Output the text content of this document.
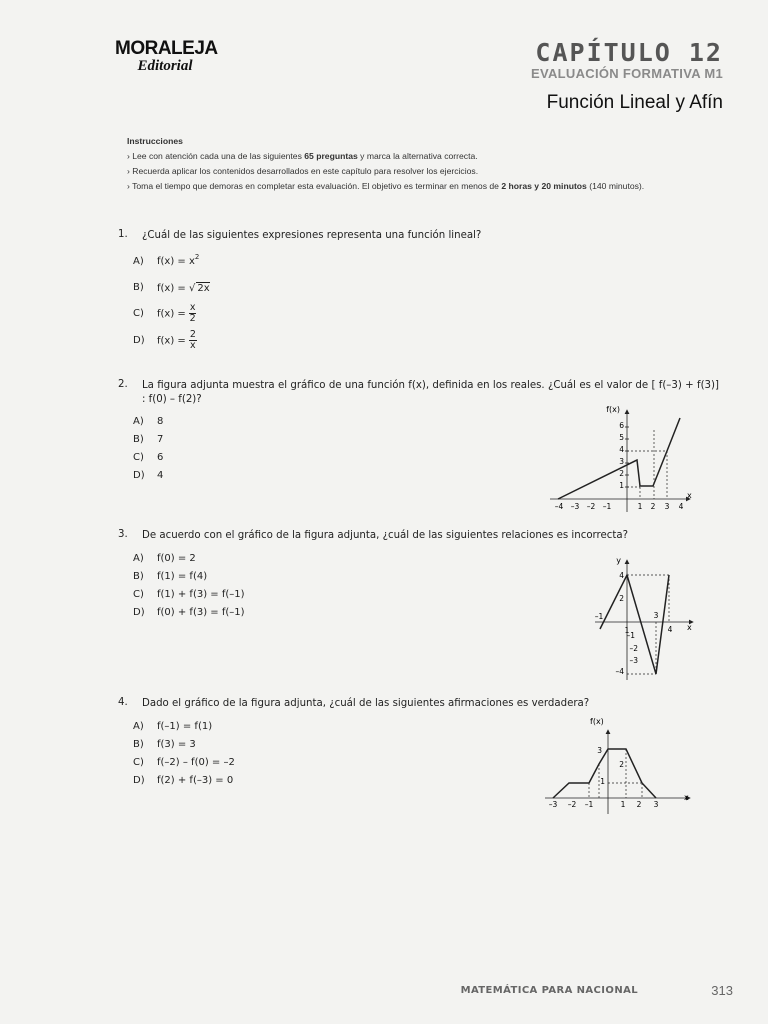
MORALEJA
Editorial	CAPÍTULO 12
EVALUACIÓN FORMATIVA M1
Función Lineal y Afín
Instrucciones
› Lee con atención cada una de las siguientes 65 preguntas y marca la alternativa correcta.
› Recuerda aplicar los contenidos desarrollados en este capítulo para resolver los ejercicios.
› Toma el tiempo que demoras en completar esta evaluación. El objetivo es terminar en menos de 2 horas y 20 minutos (140 minutos).
1.	¿Cuál de las siguientes expresiones representa una función lineal?
A)	$f(x) = x^2$
B)	f(x) = √ 2x
C)	$f(x) = \frac{x}{2}$
D)	$f(x) = \frac{2}{x}$
2.	La figura adjunta muestra el gráfico de una función f(x), definida en los reales. ¿Cuál es el valor de [ f(–3) + f(3)] : f(0) – f(2)?
A)	8
B)	7
C)	6
D)	4
f(x)
x
1
2
3
4
5
6
–4 –3 –2 –1	1 2 3 4
3.	De acuerdo con el gráfico de la figura adjunta, ¿cuál de las siguientes relaciones es incorrecta?
A)	f(0) = 2
B)	f(1) = f(4)
C)	f(1) + f(3) = f(–1)
D)	f(0) + f(3) = f(–1)
y
x
4
2
–2
–3
–4
–1
–1
1
3
4
4.	Dado el gráfico de la figura adjunta, ¿cuál de las siguientes afirmaciones es verdadera?
A)	f(–1) = f(1)
B)	f(3) = 3
C)	f(–2) – f(0) = –2
D)	f(2) + f(–3) = 0
f(x)
x
1
2
3
–3 –2 –1	1 2 3
MATEMÁTICA PARA NACIONAL	313
